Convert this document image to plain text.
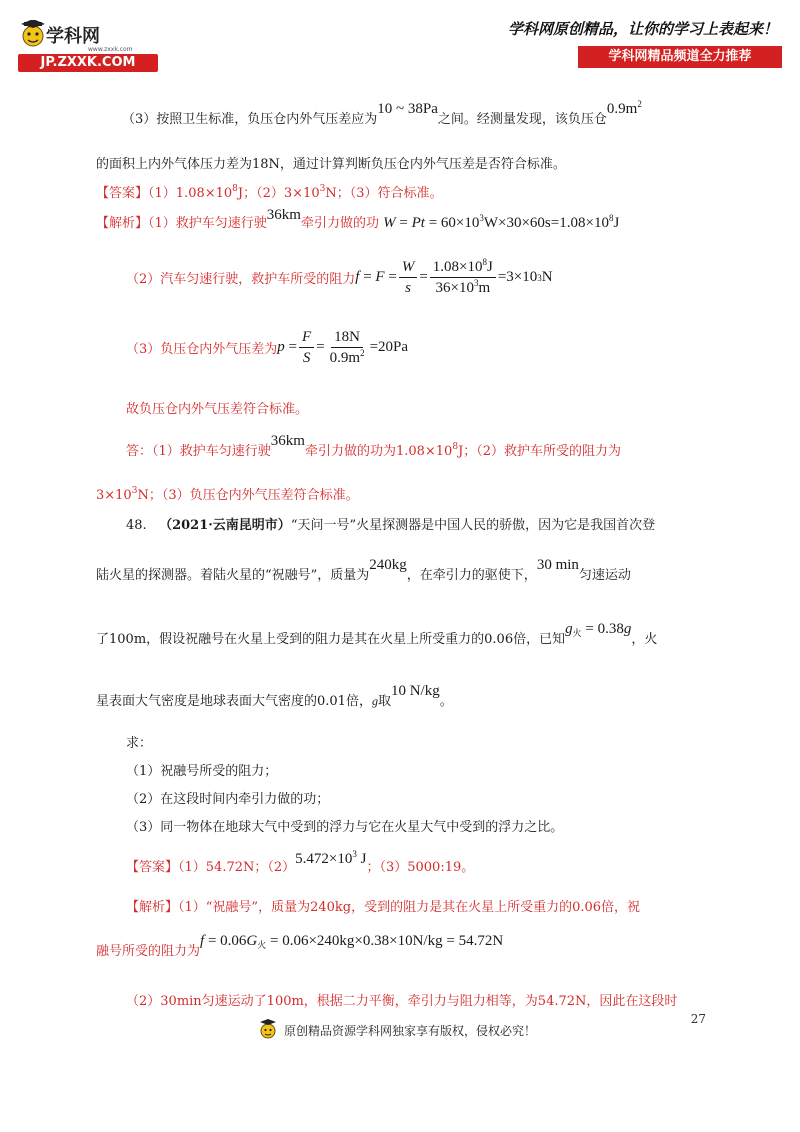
学科网
www.zxxk.com
JP.ZXXK.COM
学科网原创精品，让你的学习上表起来！
学科网精品频道全力推荐
（3）按照卫生标准，负压仓内外气压差应为10 ~ 38Pa之间。经测量发现，该负压仓$0.9m^2$
的面积上内外气体压力差为18N，通过计算判断负压仓内外气压差是否符合标准。
【答案】$(1)1.08\times 10^8J$；$(2)3\times 10^3N$；（3）符合标准。
【解析】（1）救护车匀速行驶36km牵引力做的功 $W = Pt = 60\times 10^3W\times 30\times 60s=1.08\times 10^8J$
（2）汽车匀速行驶，救护车所受的阻力 $f = F = \frac{W}{s} = \frac{1.08\times 10^8J}{36\times 10^3m} =3\times 10$ 3 N
（3）负压仓内外气压差为 $p = \frac{F}{S} = \frac{18N}{0.9m^2} =20Pa$
故负压仓内外气压差符合标准。
答：（1）救护车匀速行驶36km牵引力做的功为$1.08\times 10^8J$；（2）救护车所受的阻力为
$3\times 10^3N$；（3）负压仓内外气压差符合标准。
48. （2021·云南昆明市）“天问一号”火星探测器是中国人民的骄傲，因为它是我国首次登
陆火星的探测器。着陆火星的“祝融号”，质量为240kg，在牵引力的驱使下，30 min匀速运动
了100m，假设祝融号在火星上受到的阻力是其在火星上所受重力的0.06倍，已知$g_火 = 0.38g$，火
星表面大气密度是地球表面大气密度的0.01倍，g取10 N/kg。
求：
（1）祝融号所受的阻力；
（2）在这段时间内牵引力做的功；
（3）同一物体在地球大气中受到的浮力与它在火星大气中受到的浮力之比。
【答案】（1）54.72N；$(2)5.472\times 10^3$ J；（3）5000:19。
【解析】（1）“祝融号”，质量为240kg，受到的阻力是其在火星上所受重力的0.06倍，祝
融号所受的阻力为$f = 0.06G_火 = 0.06\times 240kg\times 0.38\times 10N/kg = 54.72N$
（2）30min匀速运动了100m，根据二力平衡，牵引力与阻力相等，为54.72N，因此在这段时
27
原创精品资源学科网独家享有版权，侵权必究！
